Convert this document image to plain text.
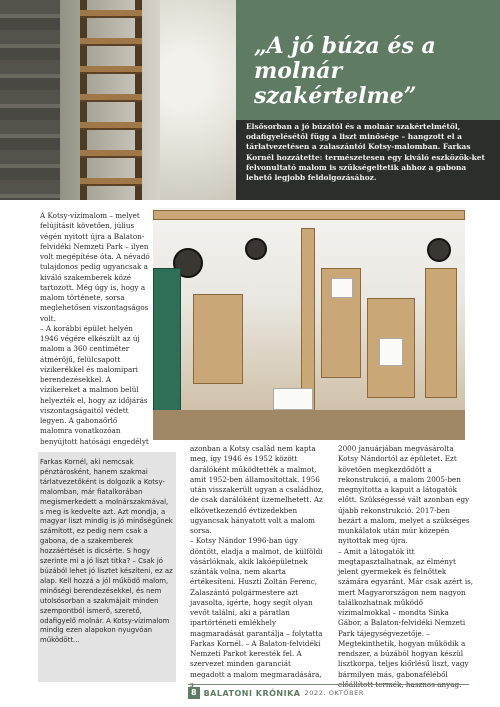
„A jó búza és a molnár szakértelme”

Elsősorban a jó búzától és a molnár szakértelmétől, odafigyelésétől függ a liszt minősége – hangzott el a tárlatvezetésen a zalaszántói Kotsy-malomban. Farkas Kornél hozzátette: természetesen egy kiváló eszközök-ket felvonultató malom is szükségeltetik ahhoz a gabona lehető legjobb feldolgozásához.

A Kotsy-vízimalom – melyet felújításit követően, július végén nyitott újra a Balaton-felvidéki Nemzeti Park – ilyen volt megépítése óta. A névadó tulajdonos pedig ugyancsak a kiváló szakemberek közé tartozott. Még úgy is, hogy a malom története, sorsa meglehetősen viszontagságos volt.

– A korábbi épület helyén 1946 végére elkészült az új malom a 360 centiméter átmérőjű, felülcsapott vízikerékkel és malomipari berendezésekkel. A vízikereket a malmon belül helyezték el, hogy az időjárás viszontagságaitól védett legyen. A gabonaőrlő malomra vonatkozóan benyújtott hatósági engedélyt

Farkas Kornél, aki nemcsak pénztárosként, hanem szakmai tárlatvezetőként is dolgozik a Kotsy-malomban, már fiatalkorában megismerkedett a molnárszakmával, s meg is kedvelte azt. Azt mondja, a magyar liszt mindig is jó minőségűnek számított, ez pedig nem csak a gabona, de a szakemberek hozzáértését is dicsérte. S hogy szerinte mi a jó liszt titka? – Csak jó búzából lehet jó lisztet készíteni, ez az alap. Kell hozzá a jól működő malom, minőségi berendezésekkel, és nem utolsósorban a szakmájait minden szempontból ismerő, szerető, odafigyelő molnár. A Kotsy-vízimalom mindig ezen alapokon nyugvóan működött...

azonban a Kotsy család nem kapta meg, így 1946 és 1952 között darálóként működtették a malmot, amit 1952-ben államosítottak. 1956 után visszakerült ugyan a családhoz, de csak darálóként üzemelhetett. Az elkövetkezendő évtizedekben ugyancsak hányatott volt a malom sorsa.

– Kotsy Nándor 1996-ban úgy döntött, eladja a malmot, de külföldi vásárlóknak, akik lakóépületnek szánták volna, nem akarta értékesíteni. Huszti Zoltán Ferenc, Zalaszántó polgármestere azt javasolta, igérte, hogy segít olyan vevőt találni, aki a páratlan ipartörténeti emlékhely magmaradását garantálja – folytatta Farkas Kornél. – A Balaton-felvidéki Nemzeti Parkot keresték fel. A szervezet minden garanciát megadott a malom megmaradására,

2000 januárjában megvásárolta Kotsy Nándortól az épületet. Ezt követően megkezdődött a rekonstrukció, a malom 2005-ben megnyitotta a kapuit a látogatók előtt. Szükségessé vált azonban egy újabb rekonstrukció. 2017-ben bezárt a malom, melyet a szükséges munkálatok után múr közepén nyitottak meg újra.

– Amit a látogatók itt megtapasztalhatnak, az élményt jelent gyermekek és felnőttek számára egyaránt. Már csak azért is, mert Magyarországon nem nagyon találkozhatnak működő vízimalmokkal – mondta Sinka Gábor, a Balaton-felvidéki Nemzeti Park tájegységvezetője. – Megtekinthetik, hogyan működik a rendszer, a búzából hogyan készül lisztkorpa, teljes kiőrlésű liszt, vagy bármilyen más, gabonaféléből

8 BALATONI KRÓNIKA 2022. OKTÓBER
